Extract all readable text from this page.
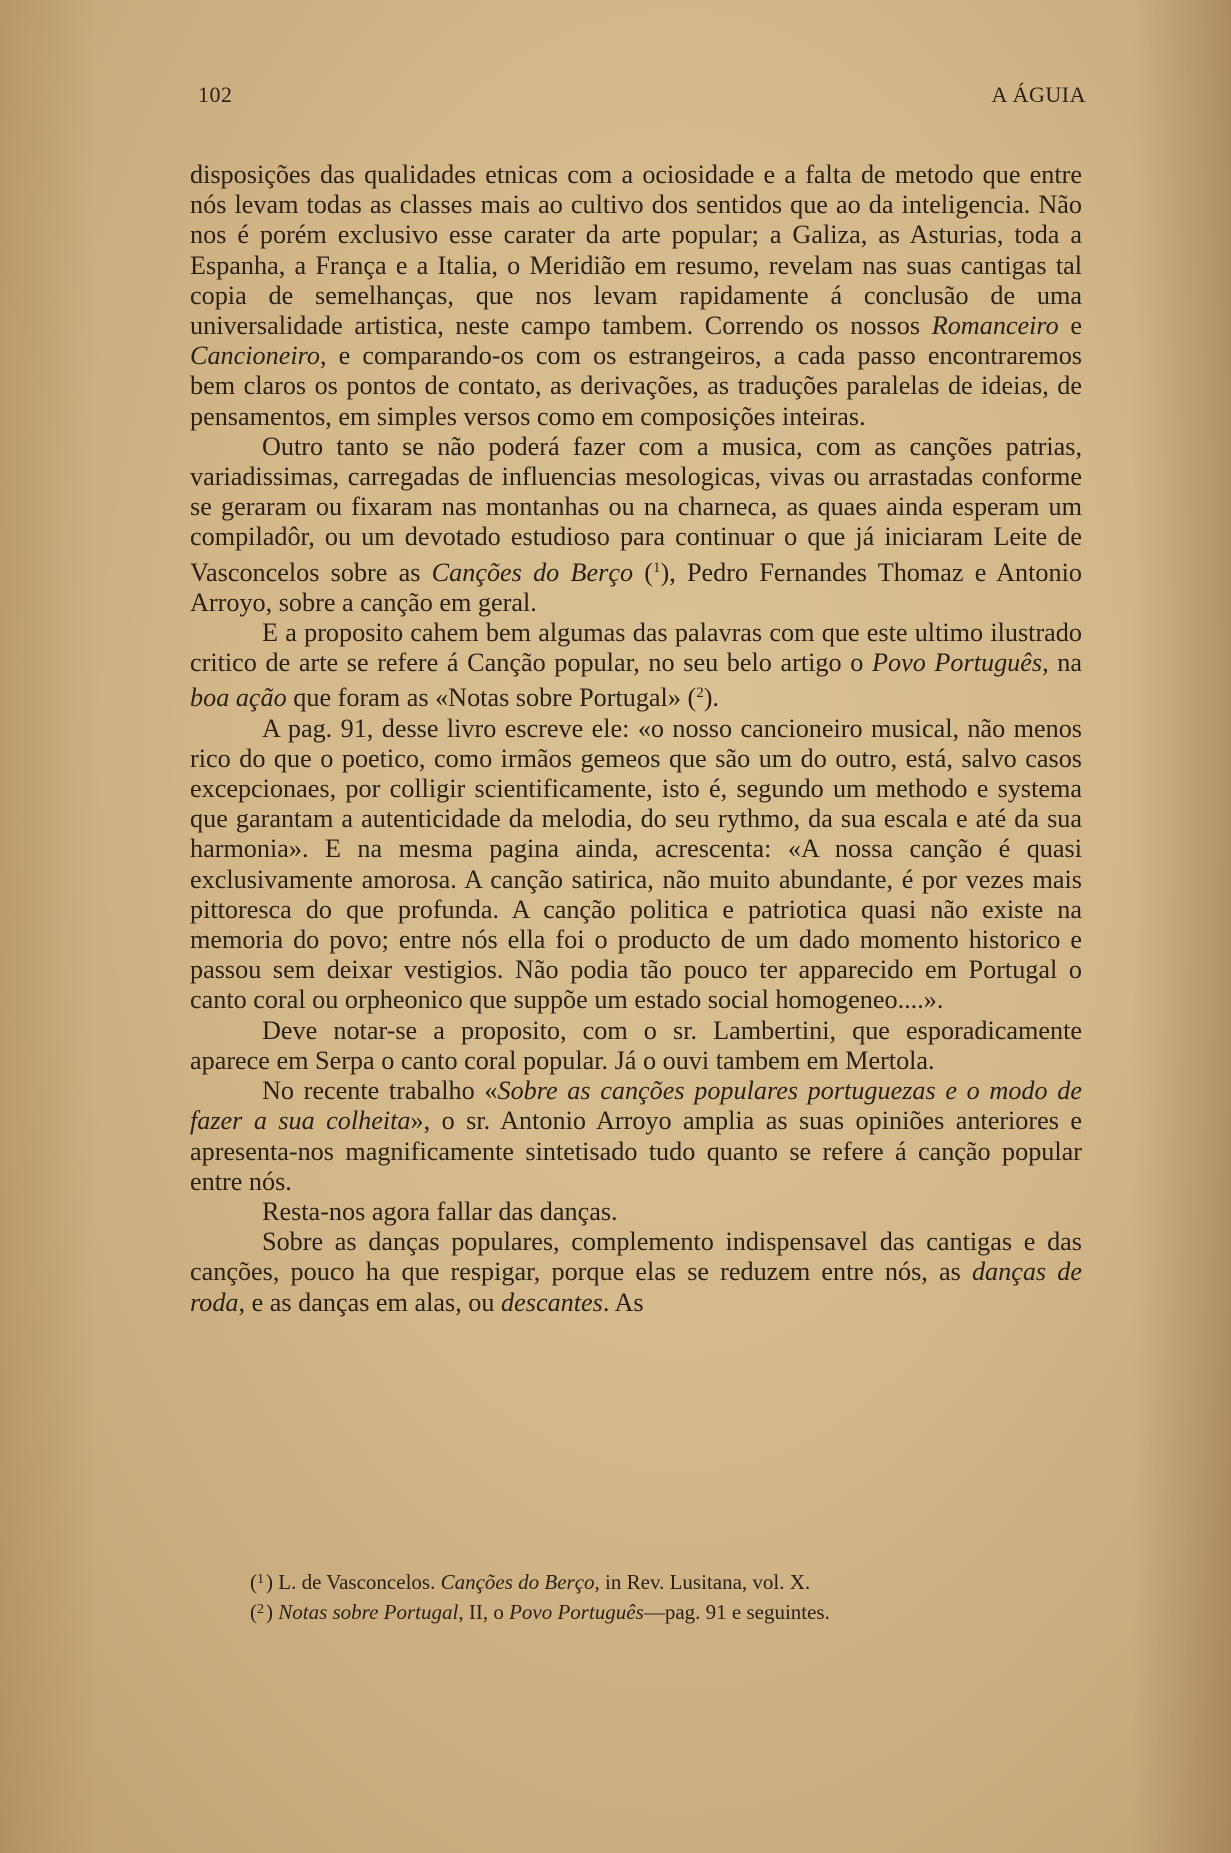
102	A ÁGUIA

disposições das qualidades etnicas com a ociosidade e a falta de metodo que entre nós levam todas as classes mais ao cultivo dos sentidos que ao da inteligencia. Não nos é porém exclusivo esse carater da arte popular; a Galiza, as Asturias, toda a Espanha, a França e a Italia, o Meridião em resumo, revelam nas suas cantigas tal copia de semelhanças, que nos levam rapidamente á conclusão de uma universalidade artistica, neste campo tambem. Correndo os nossos Romanceiro e Cancioneiro, e comparando-os com os estrangeiros, a cada passo encontraremos bem claros os pontos de contato, as derivações, as traduções paralelas de ideias, de pensamentos, em simples versos como em composições inteiras.

Outro tanto se não poderá fazer com a musica, com as canções patrias, variadissimas, carregadas de influencias mesologicas, vivas ou arrastadas conforme se geraram ou fixaram nas montanhas ou na charneca, as quaes ainda esperam um compiladôr, ou um devotado estudioso para continuar o que já iniciaram Leite de Vasconcelos sobre as Canções do Berço ($^1$), Pedro Fernandes Thomaz e Antonio Arroyo, sobre a canção em geral.

E a proposito cahem bem algumas das palavras com que este ultimo ilustrado critico de arte se refere á Canção popular, no seu belo artigo o Povo Português, na boa ação que foram as «Notas sobre Portugal» ($^2$).

A pag. 91, desse livro escreve ele: «o nosso cancioneiro musical, não menos rico do que o poetico, como irmãos gemeos que são um do outro, está, salvo casos excepcionaes, por colligir scientificamente, isto é, segundo um methodo e systema que garantam a autenticidade da melodia, do seu rythmo, da sua escala e até da sua harmonia». E na mesma pagina ainda, acrescenta: «A nossa canção é quasi exclusivamente amorosa. A canção satirica, não muito abundante, é por vezes mais pittoresca do que profunda. A canção politica e patriotica quasi não existe na memoria do povo; entre nós ella foi o producto de um dado momento historico e passou sem deixar vestigios. Não podia tão pouco ter apparecido em Portugal o canto coral ou orpheonico que suppõe um estado social homogeneo....».

Deve notar-se a proposito, com o sr. Lambertini, que esporadicamente aparece em Serpa o canto coral popular. Já o ouvi tambem em Mertola.

No recente trabalho «Sobre as canções populares portuguezas e o modo de fazer a sua colheita», o sr. Antonio Arroyo amplia as suas opiniões anteriores e apresenta-nos magnificamente sintetisado tudo quanto se refere á canção popular entre nós.

Resta-nos agora fallar das danças.

Sobre as danças populares, complemento indispensavel das cantigas e das canções, pouco ha que respigar, porque elas se reduzem entre nós, as danças de roda, e as danças em alas, ou descantes. As

($^1$) L. de Vasconcelos. Canções do Berço, in Rev. Lusitana, vol. X.

($^2$) Notas sobre Portugal, II, o Povo Português—pag. 91 e seguintes.
